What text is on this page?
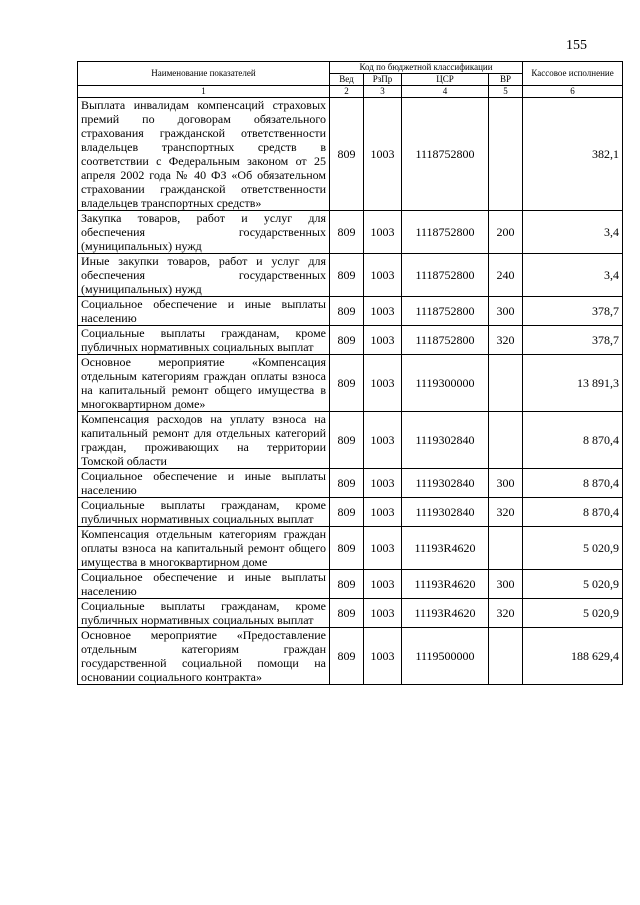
155
Наименование показателей	Код по бюджетной классификации				Кассовое исполнение
	Вед	РзПр	ЦСР	ВР	
1	2	3	4	5	6
Выплата инвалидам компенсаций страховых премий по договорам обязательного страхования гражданской ответственности владельцев транспортных средств в соответствии с Федеральным законом от 25 апреля 2002 года № 40 ФЗ «Об обязательном страховании гражданской ответственности владельцев транспортных средств»	809	1003	1118752800		382,1
Закупка товаров, работ и услуг для обеспечения государственных (муниципальных) нужд	809	1003	1118752800	200	3,4
Иные закупки товаров, работ и услуг для обеспечения государственных (муниципальных) нужд	809	1003	1118752800	240	3,4
Социальное обеспечение и иные выплаты населению	809	1003	1118752800	300	378,7
Социальные выплаты гражданам, кроме публичных нормативных социальных выплат	809	1003	1118752800	320	378,7
Основное мероприятие «Компенсация отдельным категориям граждан оплаты взноса на капитальный ремонт общего имущества в многоквартирном доме»	809	1003	1119300000		13 891,3
Компенсация расходов на уплату взноса на капитальный ремонт для отдельных категорий граждан, проживающих на территории Томской области	809	1003	1119302840		8 870,4
Социальное обеспечение и иные выплаты населению	809	1003	1119302840	300	8 870,4
Социальные выплаты гражданам, кроме публичных нормативных социальных выплат	809	1003	1119302840	320	8 870,4
Компенсация отдельным категориям граждан оплаты взноса на капитальный ремонт общего имущества в многоквартирном доме	809	1003	11193R4620		5 020,9
Социальное обеспечение и иные выплаты населению	809	1003	11193R4620	300	5 020,9
Социальные выплаты гражданам, кроме публичных нормативных социальных выплат	809	1003	11193R4620	320	5 020,9
Основное мероприятие «Предоставление отдельным категориям граждан государственной социальной помощи на основании социального контракта»	809	1003	1119500000		188 629,4
